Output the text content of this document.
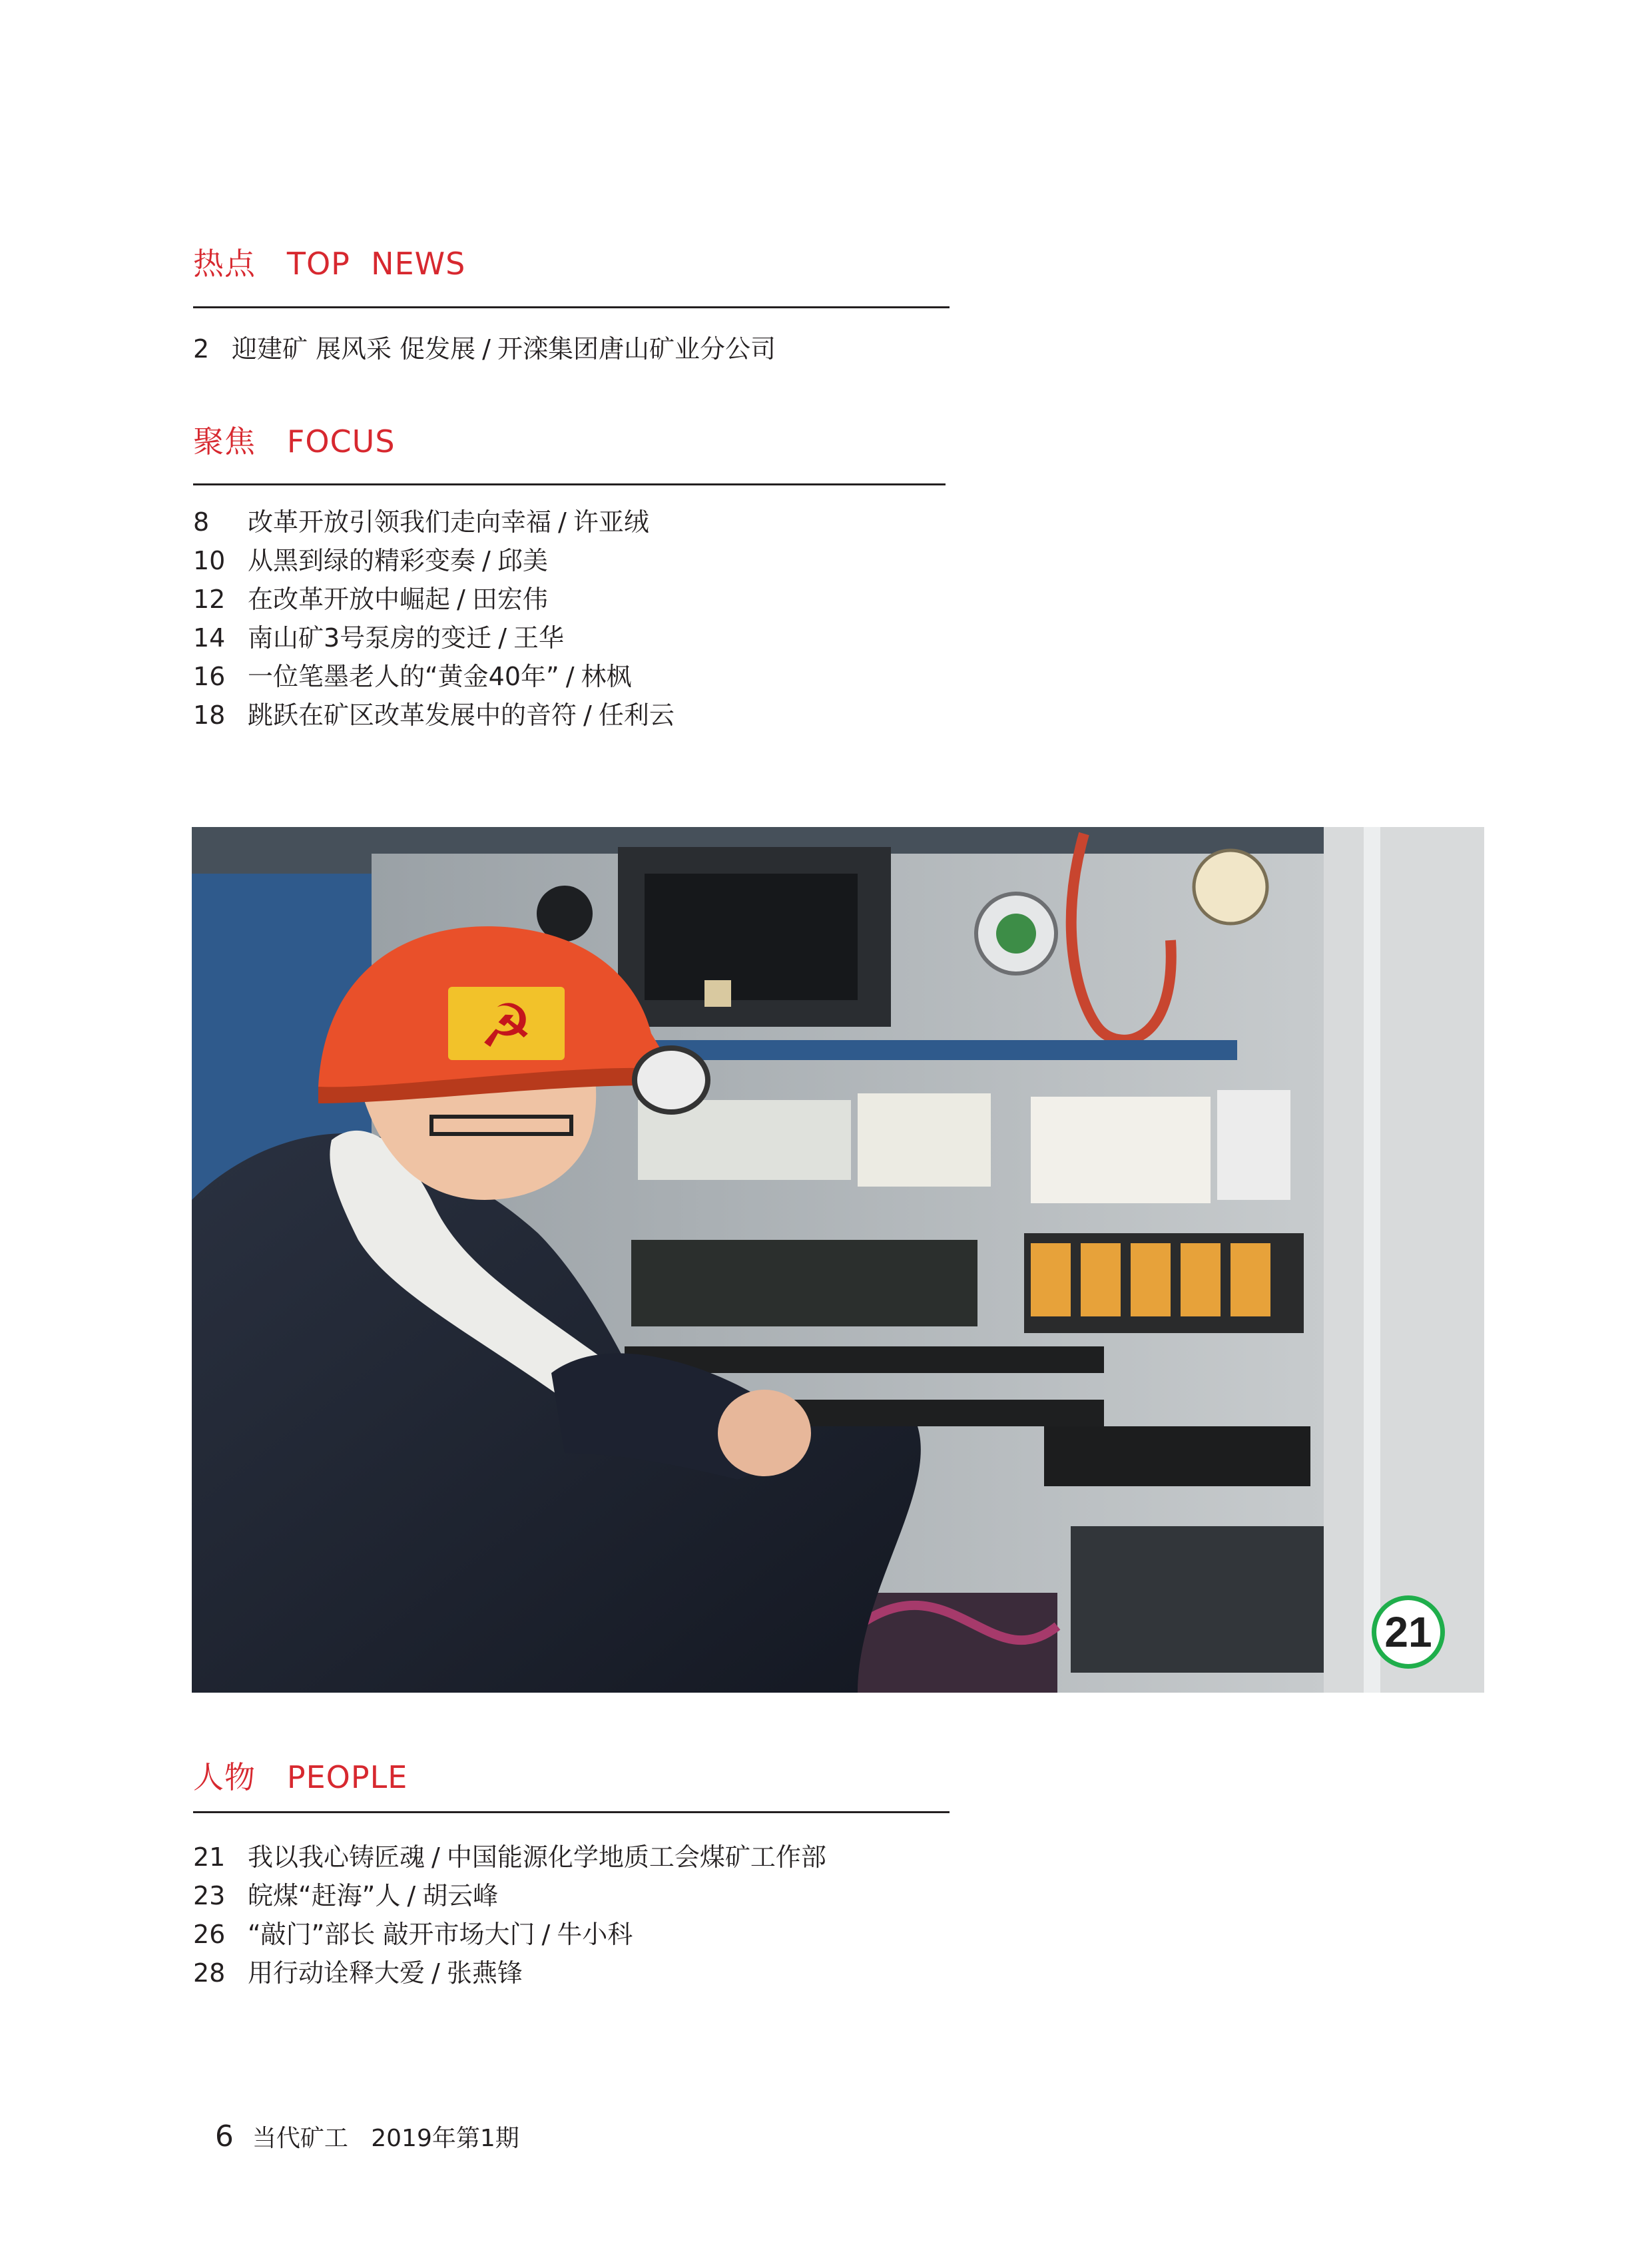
热点   TOP  NEWS
2 迎建矿 展风采 促发展 / 开滦集团唐山矿业分公司
聚焦   FOCUS
8 改革开放引领我们走向幸福 / 许亚绒
10 从黑到绿的精彩变奏 / 邱美
12 在改革开放中崛起 / 田宏伟
14 南山矿3号泵房的变迁 / 王华
16 一位笔墨老人的“黄金40年” / 林枫
18 跳跃在矿区改革发展中的音符 / 任利云
☭
21
人物   PEOPLE
21 我以我心铸匠魂 / 中国能源化学地质工会煤矿工作部
23 皖煤“赶海”人 / 胡云峰
26 “敲门”部长 敲开市场大门 / 牛小科
28 用行动诠释大爱 / 张燕锋

6 当代矿工 2019年第1期
